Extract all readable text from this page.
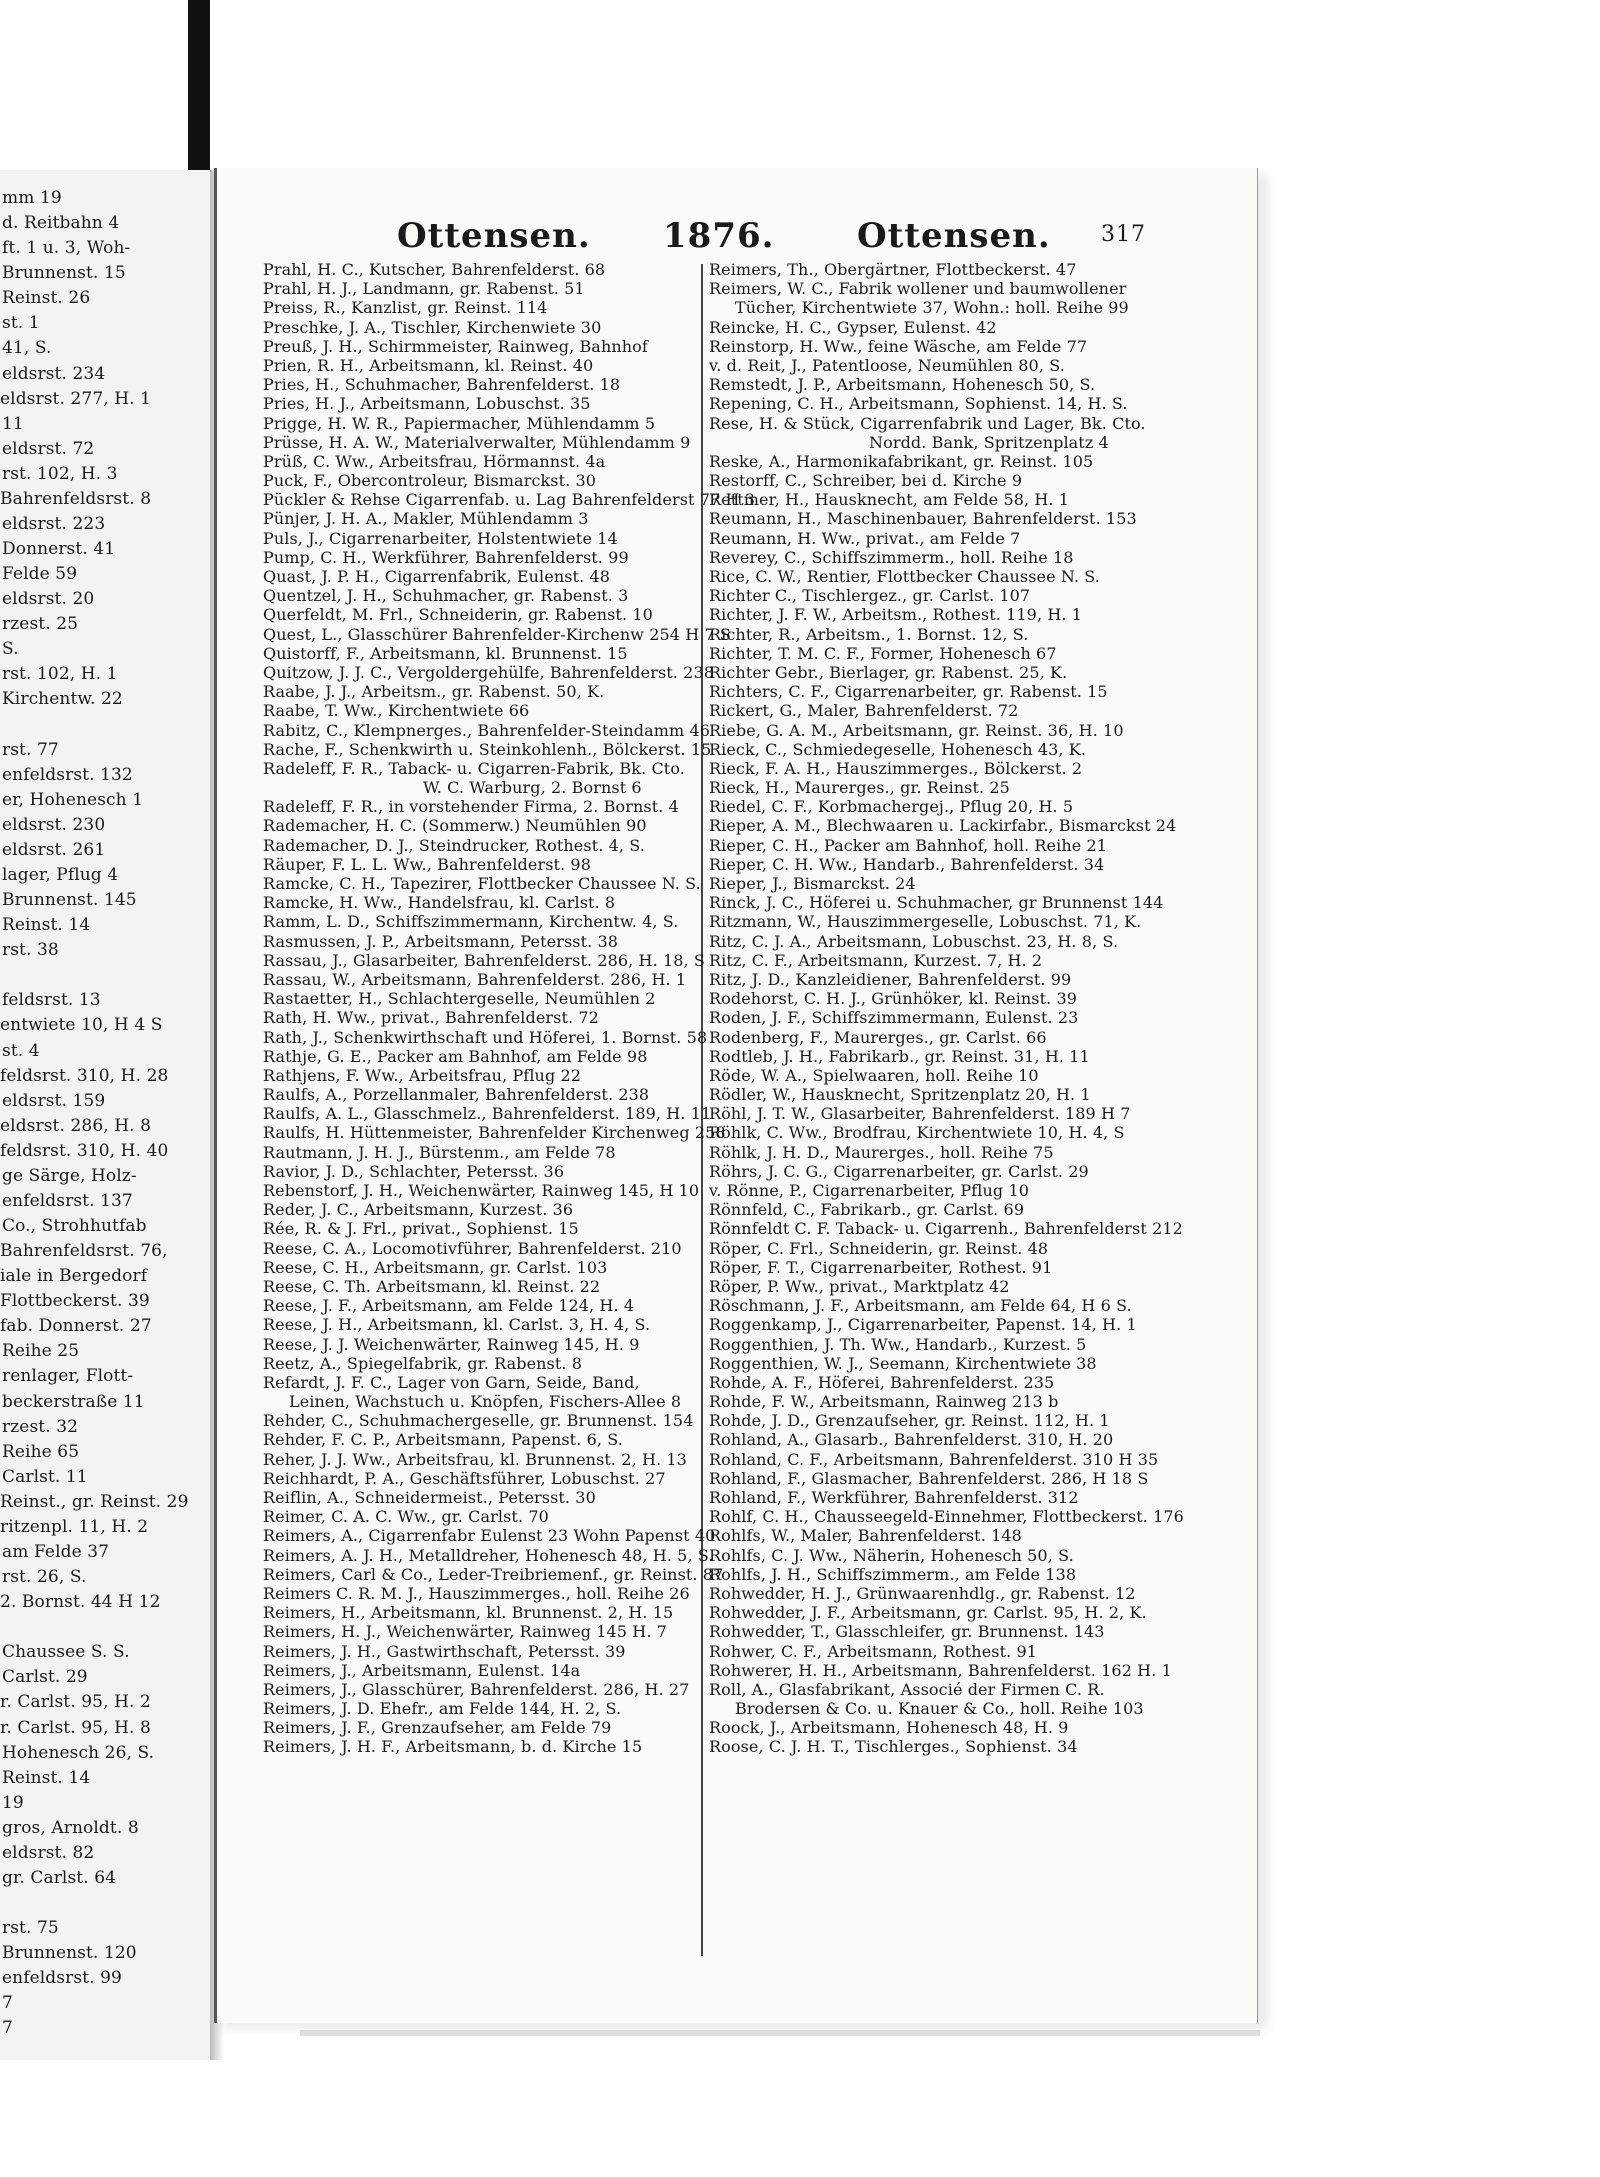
mm 19
d. Reitbahn 4
ft. 1 u. 3, Woh-
Brunnenst. 15
Reinst. 26
st. 1
41, S.
eldsrst. 234
eldsrst. 277, H. 1
11
eldsrst. 72
rst. 102, H. 3
Bahrenfeldsrst. 8
eldsrst. 223
Donnerst. 41
Felde 59
eldsrst. 20
rzest. 25
S.
rst. 102, H. 1
Kirchentw. 22
rst. 77
enfeldsrst. 132
er, Hohenesch 1
eldsrst. 230
eldsrst. 261
lager, Pflug 4
Brunnenst. 145
Reinst. 14
rst. 38
feldsrst. 13
entwiete 10, H 4 S
st. 4
feldsrst. 310, H. 28
eldsrst. 159
eldsrst. 286, H. 8
feldsrst. 310, H. 40
ge Särge, Holz-
enfeldsrst. 137
Co., Strohhutfab
Bahrenfeldsrst. 76,
iale in Bergedorf
Flottbeckerst. 39
fab. Donnerst. 27
Reihe 25
renlager, Flott-
beckerstraße 11
rzest. 32
Reihe 65
Carlst. 11
Reinst., gr. Reinst. 29
ritzenpl. 11, H. 2
am Felde 37
rst. 26, S.
2. Bornst. 44 H 12
Chaussee S. S.
Carlst. 29
r. Carlst. 95, H. 2
r. Carlst. 95, H. 8
Hohenesch 26, S.
Reinst. 14
19
gros, Arnoldt. 8
eldsrst. 82
gr. Carlst. 64
rst. 75
Brunnenst. 120
enfeldsrst. 99
7
7
Ottensen. 1876. Ottensen. 317
Prahl, H. C., Kutscher, Bahrenfelderst. 68
Prahl, H. J., Landmann, gr. Rabenst. 51
Preiss, R., Kanzlist, gr. Reinst. 114
Preschke, J. A., Tischler, Kirchenwiete 30
Preuß, J. H., Schirmmeister, Rainweg, Bahnhof
Prien, R. H., Arbeitsmann, kl. Reinst. 40
Pries, H., Schuhmacher, Bahrenfelderst. 18
Pries, H. J., Arbeitsmann, Lobuschst. 35
Prigge, H. W. R., Papiermacher, Mühlendamm 5
Prüsse, H. A. W., Materialverwalter, Mühlendamm 9
Prüß, C. Ww., Arbeitsfrau, Hörmannst. 4a
Puck, F., Obercontroleur, Bismarckst. 30
Pückler & Rehse Cigarrenfab. u. Lag Bahrenfelderst 77 H 3
Pünjer, J. H. A., Makler, Mühlendamm 3
Puls, J., Cigarrenarbeiter, Holstentwiete 14
Pump, C. H., Werkführer, Bahrenfelderst. 99
Quast, J. P. H., Cigarrenfabrik, Eulenst. 48
Quentzel, J. H., Schuhmacher, gr. Rabenst. 3
Querfeldt, M. Frl., Schneiderin, gr. Rabenst. 10
Quest, L., Glasschürer Bahrenfelder-Kirchenw 254 H 7 S
Quistorff, F., Arbeitsmann, kl. Brunnenst. 15
Quitzow, J. J. C., Vergoldergehülfe, Bahrenfelderst. 238
Raabe, J. J., Arbeitsm., gr. Rabenst. 50, K.
Raabe, T. Ww., Kirchentwiete 66
Rabitz, C., Klempnerges., Bahrenfelder-Steindamm 46
Rache, F., Schenkwirth u. Steinkohlenh., Bölckerst. 15
Radeleff, F. R., Taback- u. Cigarren-Fabrik, Bk. Cto.
W. C. Warburg, 2. Bornst 6
Radeleff, F. R., in vorstehender Firma, 2. Bornst. 4
Rademacher, H. C. (Sommerw.) Neumühlen 90
Rademacher, D. J., Steindrucker, Rothest. 4, S.
Räuper, F. L. L. Ww., Bahrenfelderst. 98
Ramcke, C. H., Tapezirer, Flottbecker Chaussee N. S.
Ramcke, H. Ww., Handelsfrau, kl. Carlst. 8
Ramm, L. D., Schiffszimmermann, Kirchentw. 4, S.
Rasmussen, J. P., Arbeitsmann, Petersst. 38
Rassau, J., Glasarbeiter, Bahrenfelderst. 286, H. 18, S
Rassau, W., Arbeitsmann, Bahrenfelderst. 286, H. 1
Rastaetter, H., Schlachtergeselle, Neumühlen 2
Rath, H. Ww., privat., Bahrenfelderst. 72
Rath, J., Schenkwirthschaft und Höferei, 1. Bornst. 58
Rathje, G. E., Packer am Bahnhof, am Felde 98
Rathjens, F. Ww., Arbeitsfrau, Pflug 22
Raulfs, A., Porzellanmaler, Bahrenfelderst. 238
Raulfs, A. L., Glasschmelz., Bahrenfelderst. 189, H. 11
Raulfs, H. Hüttenmeister, Bahrenfelder Kirchenweg 258
Rautmann, J. H. J., Bürstenm., am Felde 78
Ravior, J. D., Schlachter, Petersst. 36
Rebenstorf, J. H., Weichenwärter, Rainweg 145, H 10
Reder, J. C., Arbeitsmann, Kurzest. 36
Rée, R. & J. Frl., privat., Sophienst. 15
Reese, C. A., Locomotivführer, Bahrenfelderst. 210
Reese, C. H., Arbeitsmann, gr. Carlst. 103
Reese, C. Th. Arbeitsmann, kl. Reinst. 22
Reese, J. F., Arbeitsmann, am Felde 124, H. 4
Reese, J. H., Arbeitsmann, kl. Carlst. 3, H. 4, S.
Reese, J. J. Weichenwärter, Rainweg 145, H. 9
Reetz, A., Spiegelfabrik, gr. Rabenst. 8
Refardt, J. F. C., Lager von Garn, Seide, Band,
Leinen, Wachstuch u. Knöpfen, Fischers-Allee 8
Rehder, C., Schuhmachergeselle, gr. Brunnenst. 154
Rehder, F. C. P., Arbeitsmann, Papenst. 6, S.
Reher, J. J. Ww., Arbeitsfrau, kl. Brunnenst. 2, H. 13
Reichhardt, P. A., Geschäftsführer, Lobuschst. 27
Reiflin, A., Schneidermeist., Petersst. 30
Reimer, C. A. C. Ww., gr. Carlst. 70
Reimers, A., Cigarrenfabr Eulenst 23 Wohn Papenst 40
Reimers, A. J. H., Metalldreher, Hohenesch 48, H. 5, S.
Reimers, Carl & Co., Leder-Treibriemenf., gr. Reinst. 87
Reimers C. R. M. J., Hauszimmerges., holl. Reihe 26
Reimers, H., Arbeitsmann, kl. Brunnenst. 2, H. 15
Reimers, H. J., Weichenwärter, Rainweg 145 H. 7
Reimers, J. H., Gastwirthschaft, Petersst. 39
Reimers, J., Arbeitsmann, Eulenst. 14a
Reimers, J., Glasschürer, Bahrenfelderst. 286, H. 27
Reimers, J. D. Ehefr., am Felde 144, H. 2, S.
Reimers, J. F., Grenzaufseher, am Felde 79
Reimers, J. H. F., Arbeitsmann, b. d. Kirche 15
Reimers, Th., Obergärtner, Flottbeckerst. 47
Reimers, W. C., Fabrik wollener und baumwollener
Tücher, Kirchentwiete 37, Wohn.: holl. Reihe 99
Reincke, H. C., Gypser, Eulenst. 42
Reinstorp, H. Ww., feine Wäsche, am Felde 77
v. d. Reit, J., Patentloose, Neumühlen 80, S.
Remstedt, J. P., Arbeitsmann, Hohenesch 50, S.
Repening, C. H., Arbeitsmann, Sophienst. 14, H. S.
Rese, H. & Stück, Cigarrenfabrik und Lager, Bk. Cto.
Nordd. Bank, Spritzenplatz 4
Reske, A., Harmonikafabrikant, gr. Reinst. 105
Restorff, C., Schreiber, bei d. Kirche 9
Rettmer, H., Hausknecht, am Felde 58, H. 1
Reumann, H., Maschinenbauer, Bahrenfelderst. 153
Reumann, H. Ww., privat., am Felde 7
Reverey, C., Schiffszimmerm., holl. Reihe 18
Rice, C. W., Rentier, Flottbecker Chaussee N. S.
Richter C., Tischlergez., gr. Carlst. 107
Richter, J. F. W., Arbeitsm., Rothest. 119, H. 1
Richter, R., Arbeitsm., 1. Bornst. 12, S.
Richter, T. M. C. F., Former, Hohenesch 67
Richter Gebr., Bierlager, gr. Rabenst. 25, K.
Richters, C. F., Cigarrenarbeiter, gr. Rabenst. 15
Rickert, G., Maler, Bahrenfelderst. 72
Riebe, G. A. M., Arbeitsmann, gr. Reinst. 36, H. 10
Rieck, C., Schmiedegeselle, Hohenesch 43, K.
Rieck, F. A. H., Hauszimmerges., Bölckerst. 2
Rieck, H., Maurerges., gr. Reinst. 25
Riedel, C. F., Korbmachergej., Pflug 20, H. 5
Rieper, A. M., Blechwaaren u. Lackirfabr., Bismarckst 24
Rieper, C. H., Packer am Bahnhof, holl. Reihe 21
Rieper, C. H. Ww., Handarb., Bahrenfelderst. 34
Rieper, J., Bismarckst. 24
Rinck, J. C., Höferei u. Schuhmacher, gr Brunnenst 144
Ritzmann, W., Hauszimmergeselle, Lobuschst. 71, K.
Ritz, C. J. A., Arbeitsmann, Lobuschst. 23, H. 8, S.
Ritz, C. F., Arbeitsmann, Kurzest. 7, H. 2
Ritz, J. D., Kanzleidiener, Bahrenfelderst. 99
Rodehorst, C. H. J., Grünhöker, kl. Reinst. 39
Roden, J. F., Schiffszimmermann, Eulenst. 23
Rodenberg, F., Maurerges., gr. Carlst. 66
Rodtleb, J. H., Fabrikarb., gr. Reinst. 31, H. 11
Röde, W. A., Spielwaaren, holl. Reihe 10
Rödler, W., Hausknecht, Spritzenplatz 20, H. 1
Röhl, J. T. W., Glasarbeiter, Bahrenfelderst. 189 H 7
Röhlk, C. Ww., Brodfrau, Kirchentwiete 10, H. 4, S
Röhlk, J. H. D., Maurerges., holl. Reihe 75
Röhrs, J. C. G., Cigarrenarbeiter, gr. Carlst. 29
v. Rönne, P., Cigarrenarbeiter, Pflug 10
Rönnfeld, C., Fabrikarb., gr. Carlst. 69
Rönnfeldt C. F. Taback- u. Cigarrenh., Bahrenfelderst 212
Röper, C. Frl., Schneiderin, gr. Reinst. 48
Röper, F. T., Cigarrenarbeiter, Rothest. 91
Röper, P. Ww., privat., Marktplatz 42
Röschmann, J. F., Arbeitsmann, am Felde 64, H 6 S.
Roggenkamp, J., Cigarrenarbeiter, Papenst. 14, H. 1
Roggenthien, J. Th. Ww., Handarb., Kurzest. 5
Roggenthien, W. J., Seemann, Kirchentwiete 38
Rohde, A. F., Höferei, Bahrenfelderst. 235
Rohde, F. W., Arbeitsmann, Rainweg 213 b
Rohde, J. D., Grenzaufseher, gr. Reinst. 112, H. 1
Rohland, A., Glasarb., Bahrenfelderst. 310, H. 20
Rohland, C. F., Arbeitsmann, Bahrenfelderst. 310 H 35
Rohland, F., Glasmacher, Bahrenfelderst. 286, H 18 S
Rohland, F., Werkführer, Bahrenfelderst. 312
Rohlf, C. H., Chausseegeld-Einnehmer, Flottbeckerst. 176
Rohlfs, W., Maler, Bahrenfelderst. 148
Rohlfs, C. J. Ww., Näherin, Hohenesch 50, S.
Rohlfs, J. H., Schiffszimmerm., am Felde 138
Rohwedder, H. J., Grünwaarenhdlg., gr. Rabenst. 12
Rohwedder, J. F., Arbeitsmann, gr. Carlst. 95, H. 2, K.
Rohwedder, T., Glasschleifer, gr. Brunnenst. 143
Rohwer, C. F., Arbeitsmann, Rothest. 91
Rohwerer, H. H., Arbeitsmann, Bahrenfelderst. 162 H. 1
Roll, A., Glasfabrikant, Associé der Firmen C. R.
Brodersen & Co. u. Knauer & Co., holl. Reihe 103
Roock, J., Arbeitsmann, Hohenesch 48, H. 9
Roose, C. J. H. T., Tischlerges., Sophienst. 34
